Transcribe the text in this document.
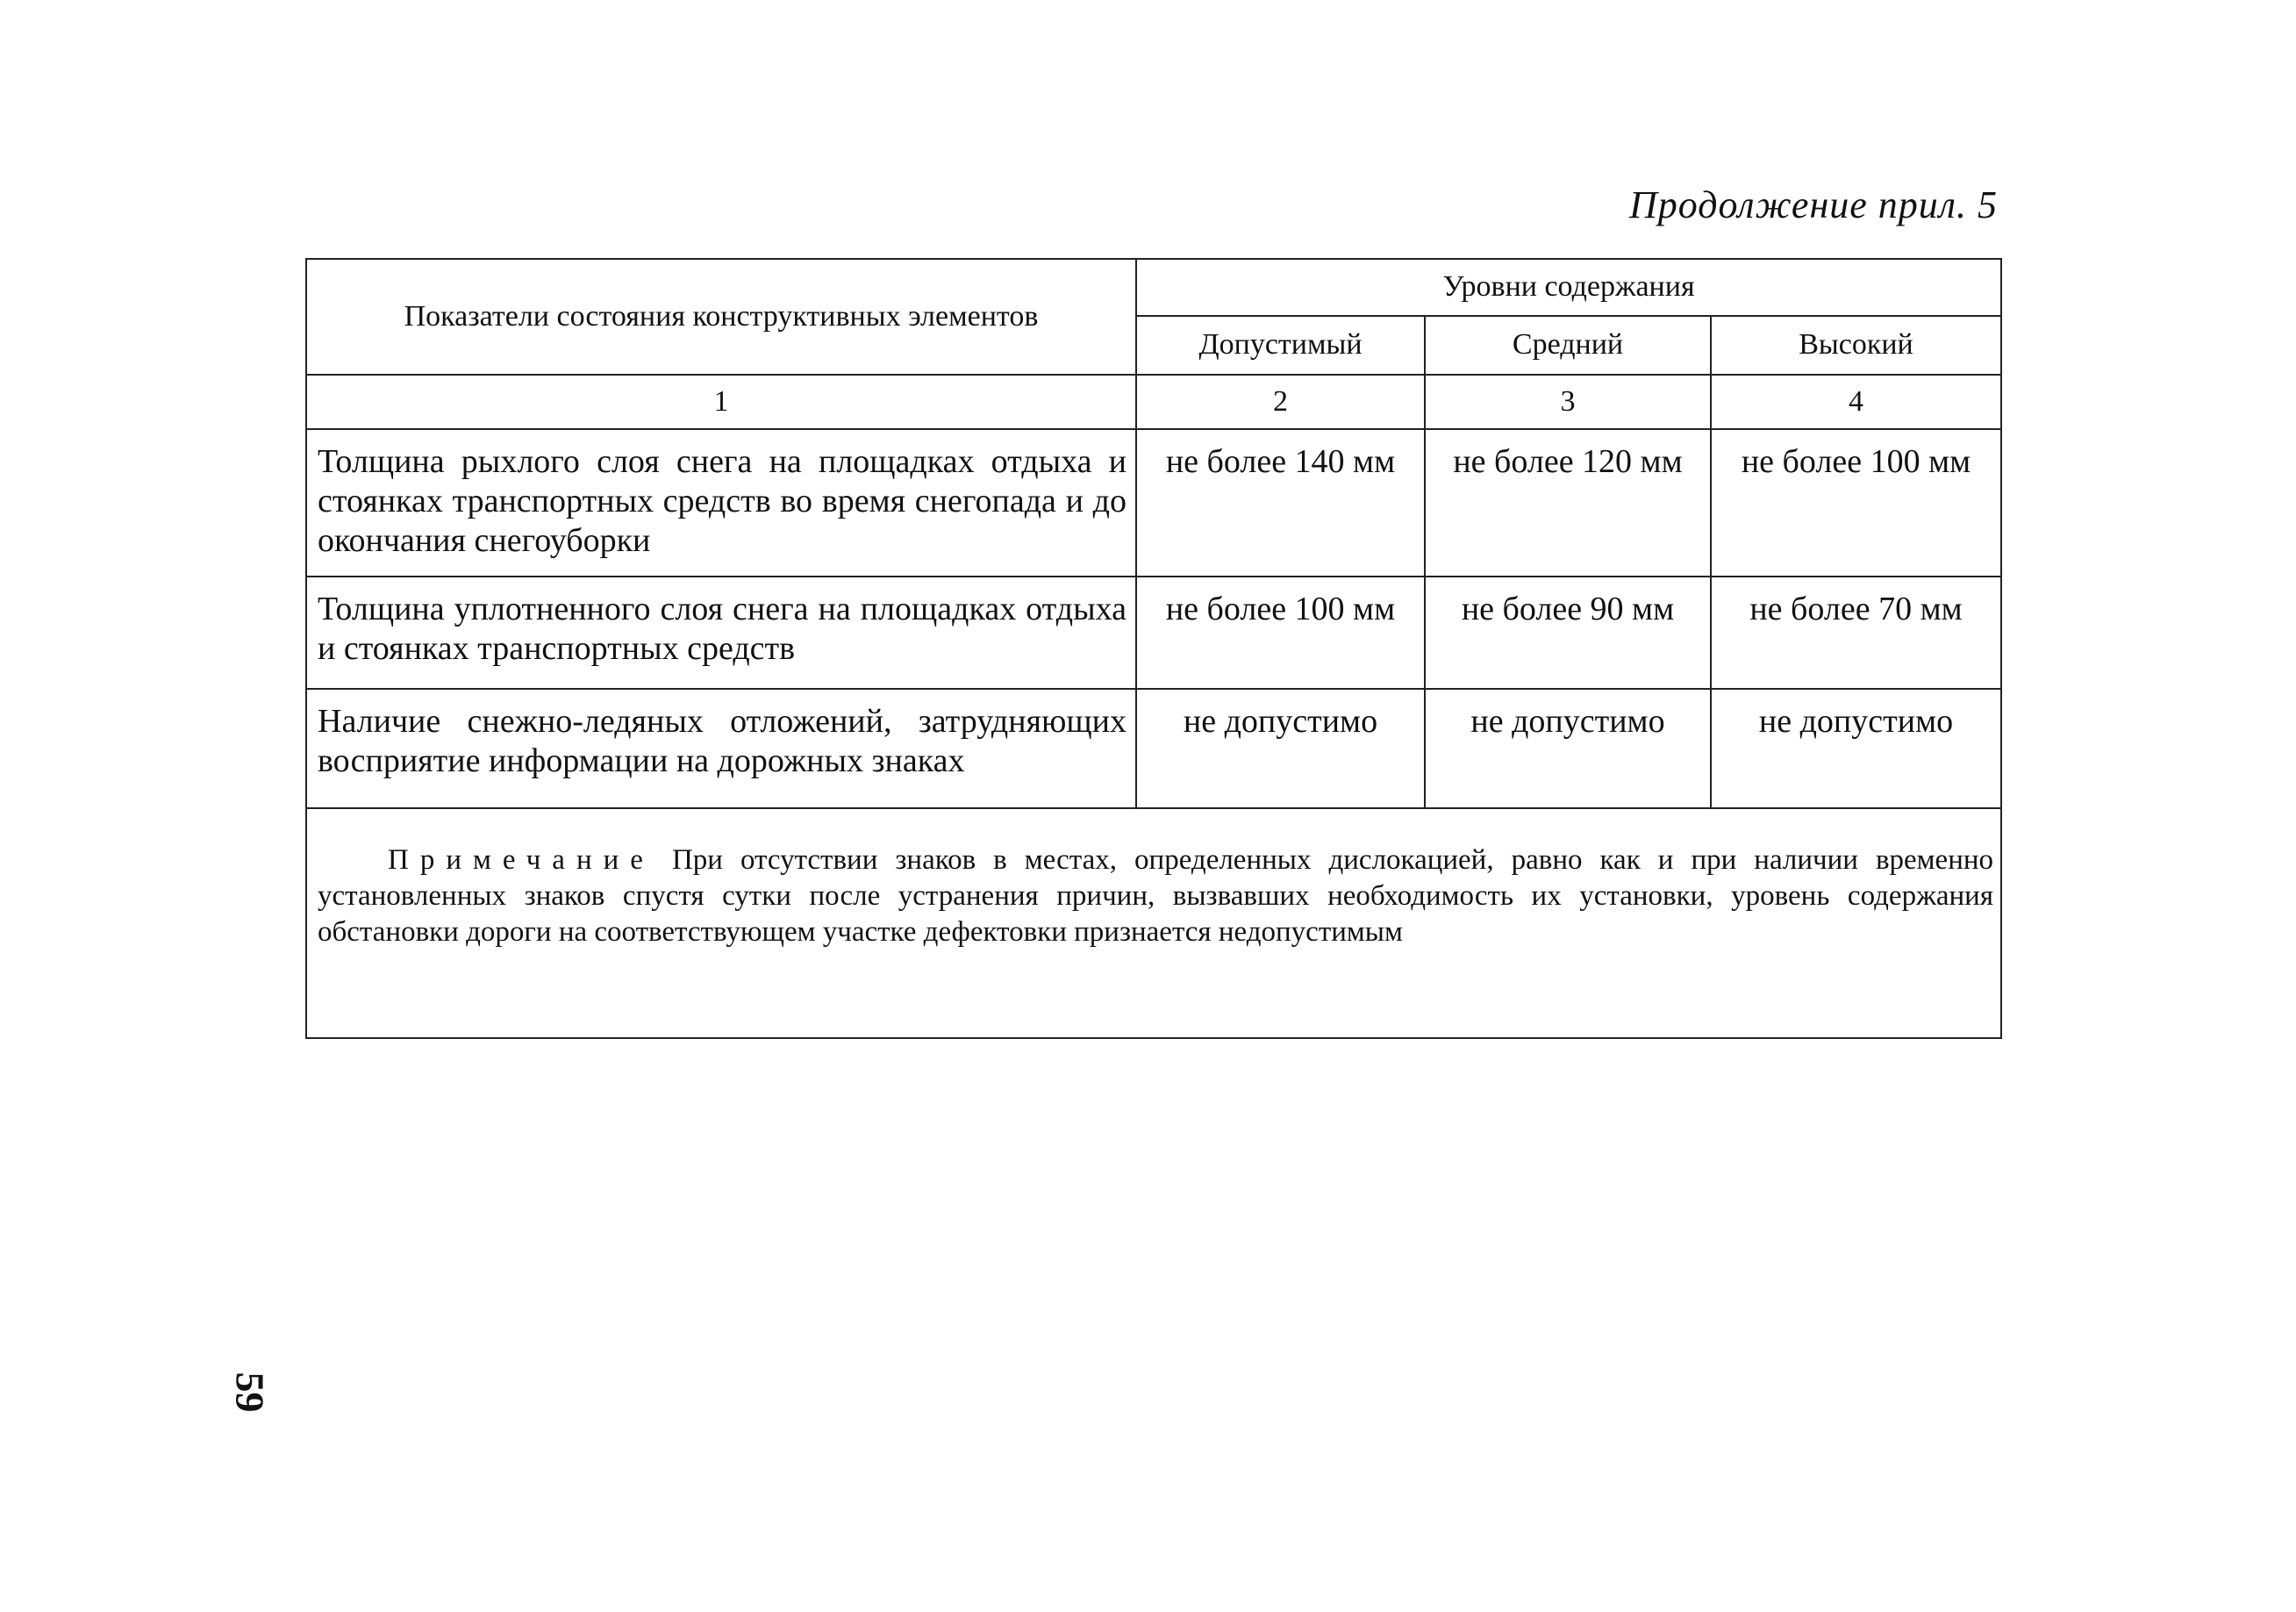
Продолжение прил. 5
Показатели состояния конструктивных элементов	Уровни содержания		
	Допустимый	Средний	Высокий
1	2	3	4
Толщина рыхлого слоя снега на площадках отдыха и стоянках транспортных средств во время снегопада и до окончания снегоуборки	не более 140 мм	не более 120 мм	не более 100 мм
Толщина уплотненного слоя снега на площадках отдыха и стоянках транспортных средств	не более 100 мм	не более 90 мм	не более 70 мм
Наличие снежно-ледяных отложений, затрудняющих восприятие информации на дорожных знаках	не допустимо	не допустимо	не допустимо
Примечание При отсутствии знаков в местах, определенных дислокацией, равно как и при наличии временно установленных знаков спустя сутки после устранения причин, вызвавших необходимость их установки, уровень содержания обстановки дороги на соответствующем участке дефектовки признается недопустимым			
59
